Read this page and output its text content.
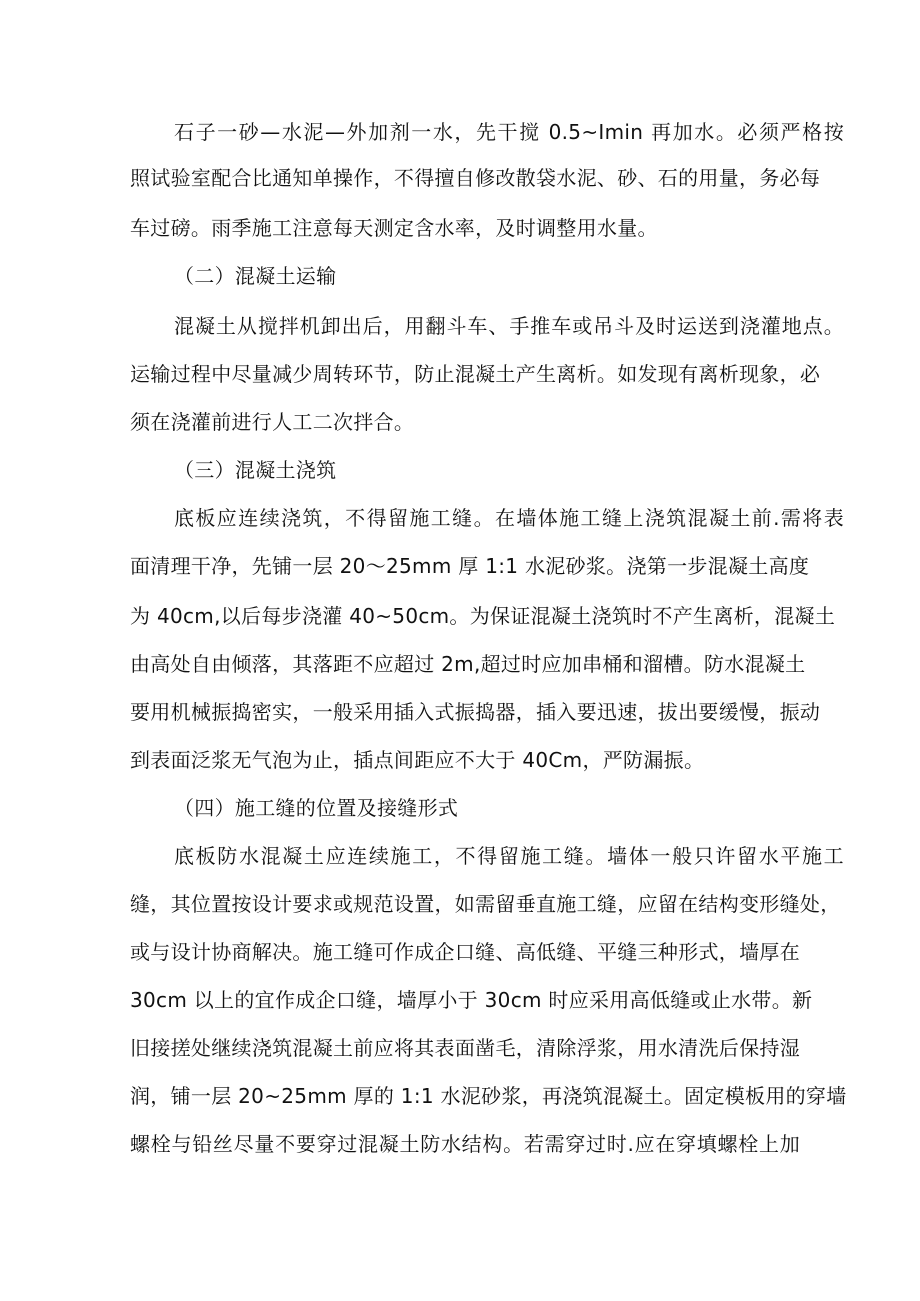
石子一砂—水泥—外加剂一水，先干搅 0.5~Imin 再加水。必须严格按
照试验室配合比通知单操作，不得擅自修改散袋水泥、砂、石的用量，务必每
车过磅。雨季施工注意每天测定含水率，及时调整用水量。
（二）混凝土运输
混凝土从搅拌机卸出后，用翻斗车、手推车或吊斗及时运送到浇灌地点。
运输过程中尽量减少周转环节，防止混凝土产生离析。如发现有离析现象，必
须在浇灌前进行人工二次拌合。
（三）混凝土浇筑
底板应连续浇筑，不得留施工缝。在墙体施工缝上浇筑混凝土前.需将表
面清理干净，先铺一层 20～25mm 厚 1:1 水泥砂浆。浇第一步混凝土高度
为 40cm,以后每步浇灌 40~50cm。为保证混凝土浇筑时不产生离析，混凝土
由高处自由倾落，其落距不应超过 2m,超过时应加串桶和溜槽。防水混凝土
要用机械振捣密实，一般采用插入式振捣器，插入要迅速，拔出要缓慢，振动
到表面泛浆无气泡为止，插点间距应不大于 40Cm，严防漏振。
（四）施工缝的位置及接缝形式
底板防水混凝土应连续施工，不得留施工缝。墙体一般只许留水平施工
缝，其位置按设计要求或规范设置，如需留垂直施工缝，应留在结构变形缝处，
或与设计协商解决。施工缝可作成企口缝、高低缝、平缝三种形式，墙厚在
30cm 以上的宜作成企口缝，墙厚小于 30cm 时应采用高低缝或止水带。新
旧接搓处继续浇筑混凝土前应将其表面凿毛，清除浮浆，用水清洗后保持湿
润，铺一层 20~25mm 厚的 1:1 水泥砂浆，再浇筑混凝土。固定模板用的穿墙
螺栓与铅丝尽量不要穿过混凝土防水结构。若需穿过时.应在穿填螺栓上加
